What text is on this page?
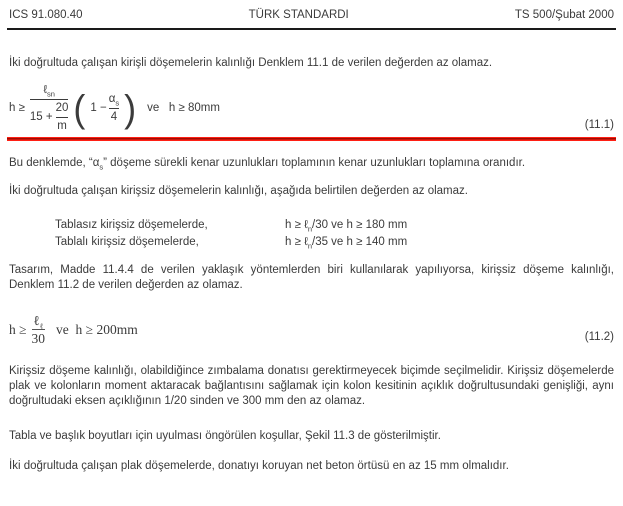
ICS 91.080.40	TÜRK STANDARDI	TS 500/Şubat 2000

İki doğrultuda çalışan kirişli döşemelerin kalınlığı Denklem 11.1 de verilen değerden az olamaz.

$h \ge \frac{\ell_{sn}}{15 + \frac{20}{m}}$ ( $1 - \frac{\alpha_s}{4}$ ) ve   h ≥ 80mm
(11.1)

Bu denklemde, “$\alpha_s$” döşeme sürekli kenar uzunlukları toplamının kenar uzunlukları toplamına oranıdır.

İki doğrultuda çalışan kirişsiz döşemelerin kalınlığı, aşağıda belirtilen değerden az olamaz.

Tablasız kirişsiz döşemelerde,	h ≥ ℓ$_n$/30 ve h ≥ 180 mm
Tablalı kirişsiz döşemelerde,	h ≥ ℓ$_n$/35 ve h ≥ 140 mm

Tasarım, Madde 11.4.4 de verilen yaklaşık yöntemlerden biri kullanılarak yapılıyorsa, kirişsiz döşeme kalınlığı, Denklem 11.2 de verilen değerden az olamaz.

$h \ge \frac{\ell_\ell}{30}$ ve  h ≥ 200mm	(11.2)

Kirişsiz döşeme kalınlığı, olabildiğince zımbalama donatısı gerektirmeyecek biçimde seçilmelidir. Kirişsiz döşemelerde plak ve kolonların moment aktaracak bağlantısını sağlamak için kolon kesitinin açıklık doğrultusundaki genişliği, aynı doğrultudaki eksen açıklığının 1/20 sinden ve 300 mm den az olamaz.

Tabla ve başlık boyutları için uyulması öngörülen koşullar, Şekil 11.3 de gösterilmiştir.

İki doğrultuda çalışan plak döşemelerde, donatıyı koruyan net beton örtüsü en az 15 mm olmalıdır.
